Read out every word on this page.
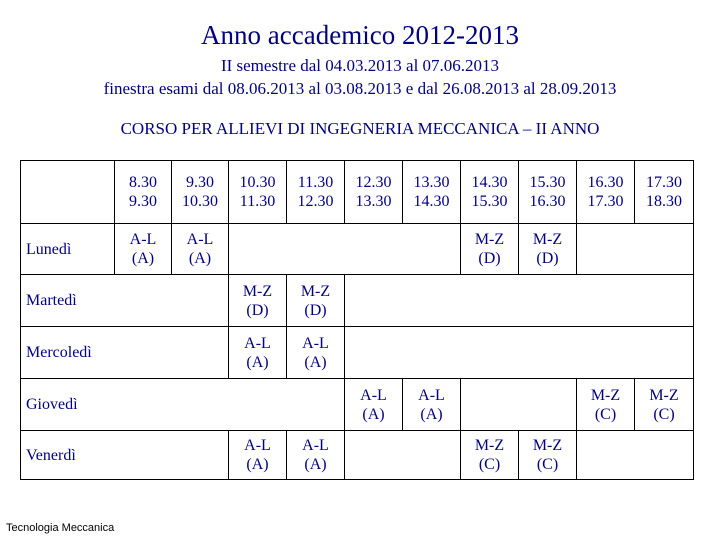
Anno accademico 2012-2013
II semestre dal 04.03.2013 al 07.06.2013
finestra esami dal 08.06.2013 al 03.08.2013 e dal 26.08.2013 al 28.09.2013
CORSO PER ALLIEVI DI INGEGNERIA MECCANICA – II ANNO
8.30
9.30
9.30
10.30
10.30
11.30
11.30
12.30
12.30
13.30
13.30
14.30
14.30
15.30
15.30
16.30
16.30
17.30
17.30
18.30
Lunedì
A-L
(A)
A-L
(A)
M-Z
(D)
M-Z
(D)
Martedì
M-Z
(D)
M-Z
(D)
Mercoledì
A-L
(A)
A-L
(A)
Giovedì
A-L
(A)
A-L
(A)
M-Z
(C)
M-Z
(C)
Venerdì
A-L
(A)
A-L
(A)
M-Z
(C)
M-Z
(C)
Tecnologia Meccanica
